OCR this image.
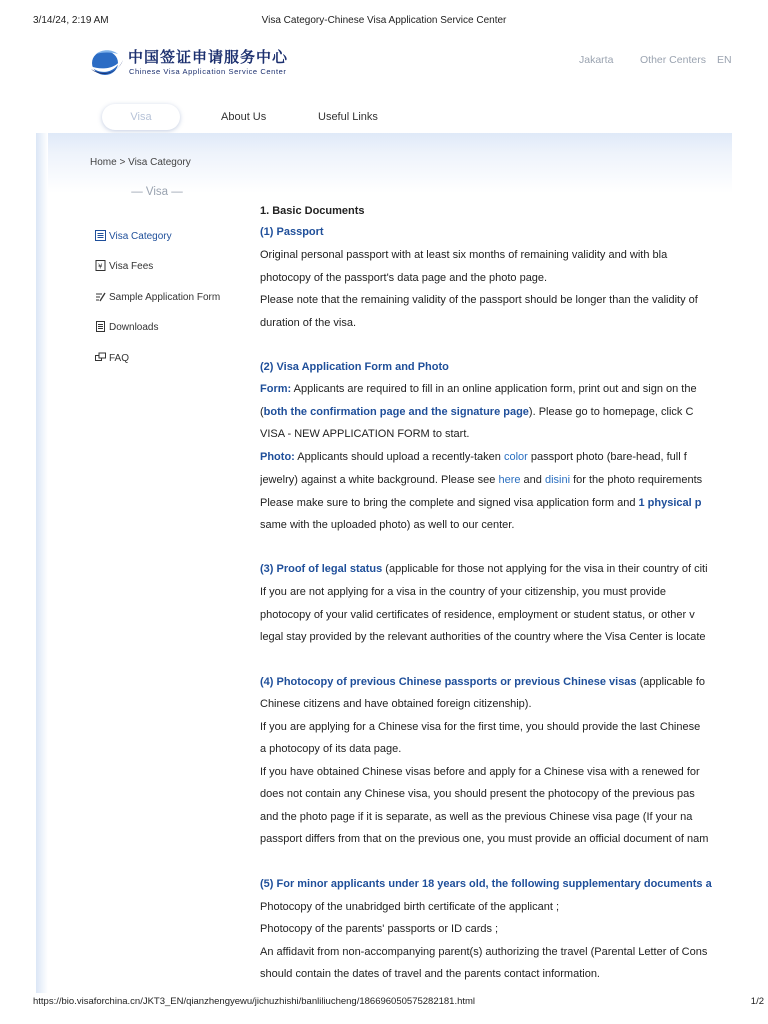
3/14/24, 2:19 AM	Visa Category-Chinese Visa Application Service Center
中国签证申请服务中心
Chinese Visa Application Service Center
Jakarta	Other Centers EN
Visa	About Us	Useful Links
Home > Visa Category
— Visa —
Visa Category
¥ Visa Fees
Sample Application Form
Downloads
FAQ
1. Basic Documents
(1) Passport
Original personal passport with at least six months of remaining validity and with bla
photocopy of the passport's data page and the photo page.
Please note that the remaining validity of the passport should be longer than the validity of
duration of the visa.
(2) Visa Application Form and Photo
Form: Applicants are required to fill in an online application form, print out and sign on the
(both the confirmation page and the signature page). Please go to homepage, click C
VISA - NEW APPLICATION FORM to start.
Photo: Applicants should upload a recently-taken color passport photo (bare-head, full f
jewelry) against a white background. Please see here and disini for the photo requirements
Please make sure to bring the complete and signed visa application form and 1 physical p
same with the uploaded photo) as well to our center.
(3) Proof of legal status (applicable for those not applying for the visa in their country of citi
If you are not applying for a visa in the country of your citizenship, you must provide
photocopy of your valid certificates of residence, employment or student status, or other v
legal stay provided by the relevant authorities of the country where the Visa Center is locate
(4) Photocopy of previous Chinese passports or previous Chinese visas (applicable fo
Chinese citizens and have obtained foreign citizenship).
If you are applying for a Chinese visa for the first time, you should provide the last Chinese
a photocopy of its data page.
If you have obtained Chinese visas before and apply for a Chinese visa with a renewed for
does not contain any Chinese visa, you should present the photocopy of the previous pas
and the photo page if it is separate, as well as the previous Chinese visa page (If your na
passport differs from that on the previous one, you must provide an official document of nam
(5) For minor applicants under 18 years old, the following supplementary documents a
Photocopy of the unabridged birth certificate of the applicant ;
Photocopy of the parents' passports or ID cards ;
An affidavit from non-accompanying parent(s) authorizing the travel (Parental Letter of Cons
should contain the dates of travel and the parents contact information.
https://bio.visaforchina.cn/JKT3_EN/qianzhengyewu/jichuzhishi/banliliucheng/186696050575282181.html	1/2
